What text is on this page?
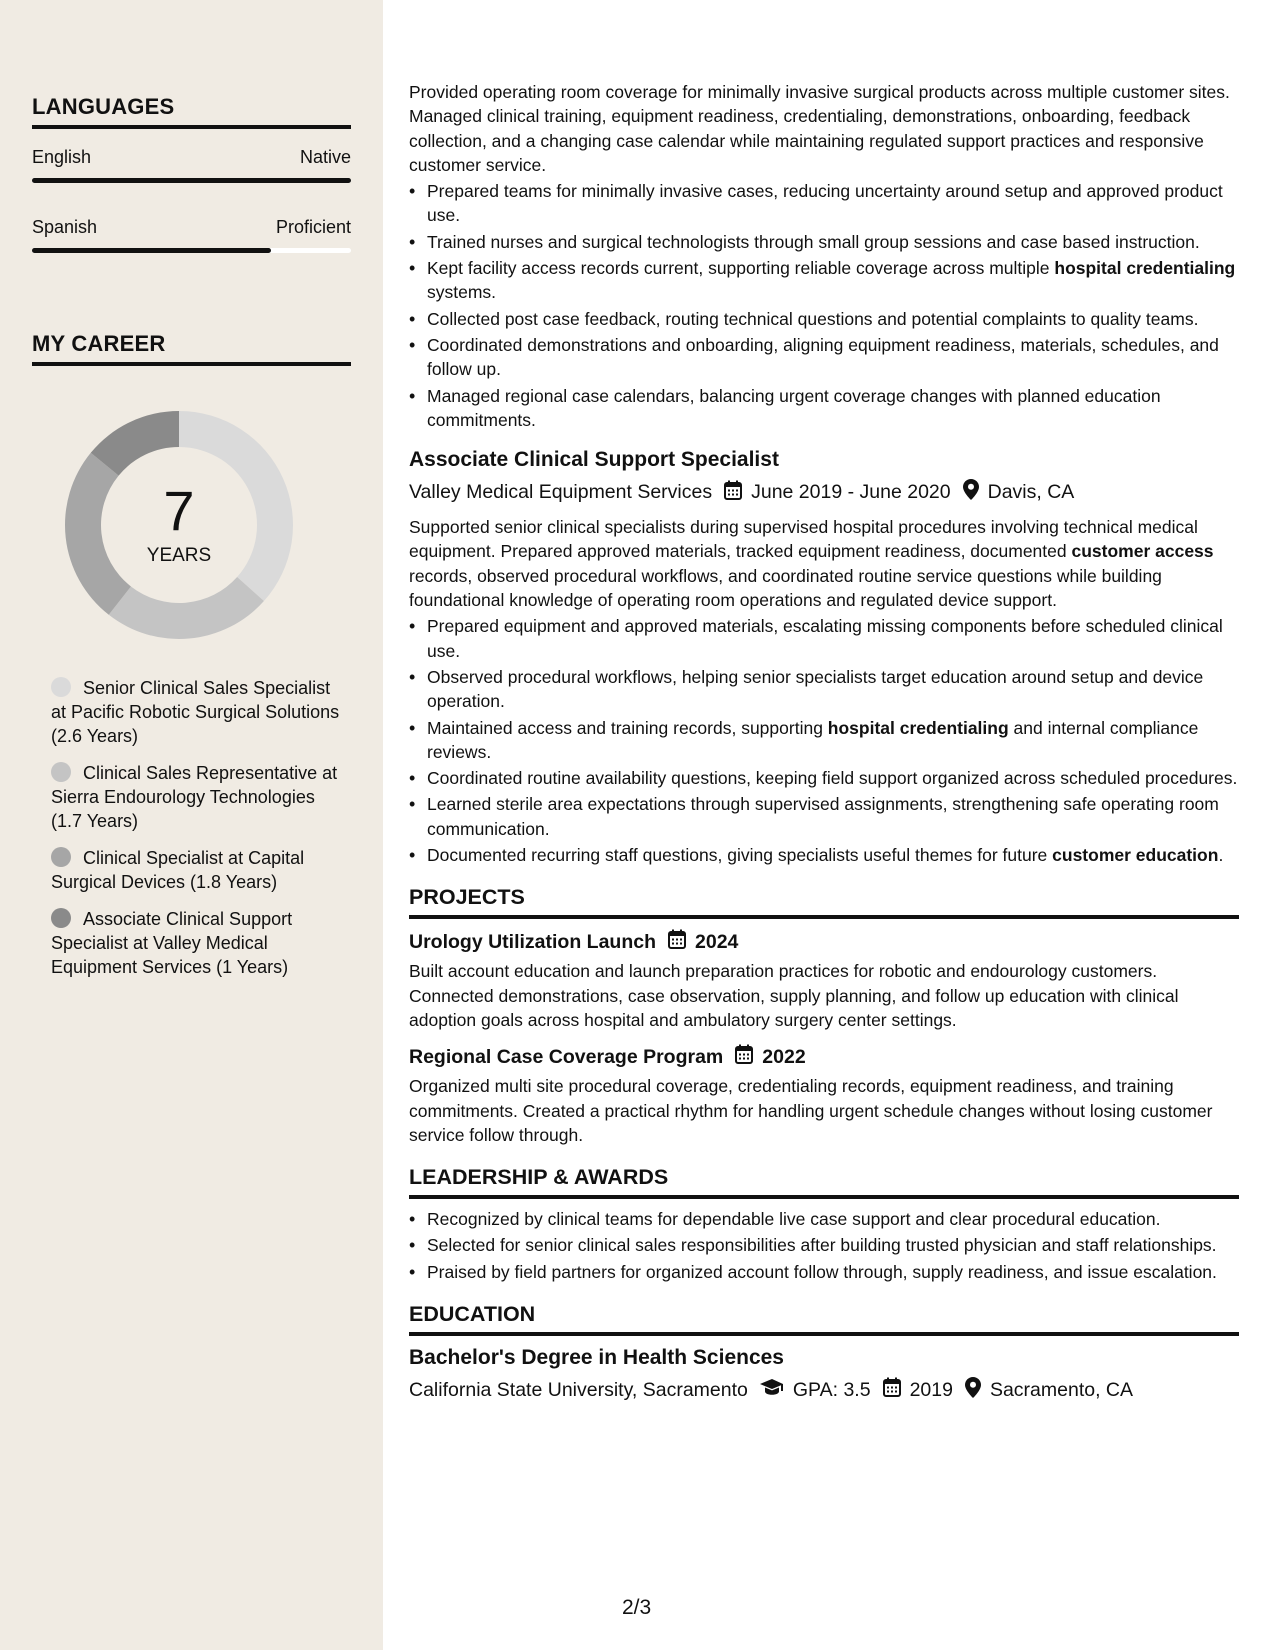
LANGUAGES
English	Native
Spanish	Proficient
MY CAREER
7
YEARS
Senior Clinical Sales Specialist at Pacific Robotic Surgical Solutions (2.6 Years)
Clinical Sales Representative at Sierra Endourology Technologies (1.7 Years)
Clinical Specialist at Capital Surgical Devices (1.8 Years)
Associate Clinical Support Specialist at Valley Medical Equipment Services (1 Years)

Provided operating room coverage for minimally invasive surgical products across multiple customer sites. Managed clinical training, equipment readiness, credentialing, demonstrations, onboarding, feedback collection, and a changing case calendar while maintaining regulated support practices and responsive customer service.

• Prepared teams for minimally invasive cases, reducing uncertainty around setup and approved product use.
• Trained nurses and surgical technologists through small group sessions and case based instruction.
• Kept facility access records current, supporting reliable coverage across multiple hospital credentialing systems.
• Collected post case feedback, routing technical questions and potential complaints to quality teams.
• Coordinated demonstrations and onboarding, aligning equipment readiness, materials, schedules, and follow up.
• Managed regional case calendars, balancing urgent coverage changes with planned education commitments.
Associate Clinical Support Specialist
Valley Medical Equipment Services June 2019 - June 2020 Davis, CA

Supported senior clinical specialists during supervised hospital procedures involving technical medical equipment. Prepared approved materials, tracked equipment readiness, documented customer access records, observed procedural workflows, and coordinated routine service questions while building foundational knowledge of operating room operations and regulated device support.

• Prepared equipment and approved materials, escalating missing components before scheduled clinical use.
• Observed procedural workflows, helping senior specialists target education around setup and device operation.
• Maintained access and training records, supporting hospital credentialing and internal compliance reviews.
• Coordinated routine availability questions, keeping field support organized across scheduled procedures.
• Learned sterile area expectations through supervised assignments, strengthening safe operating room communication.
• Documented recurring staff questions, giving specialists useful themes for future customer education.
PROJECTS
Urology Utilization Launch 2024

Built account education and launch preparation practices for robotic and endourology customers. Connected demonstrations, case observation, supply planning, and follow up education with clinical adoption goals across hospital and ambulatory surgery center settings.

Regional Case Coverage Program 2022

Organized multi site procedural coverage, credentialing records, equipment readiness, and training commitments. Created a practical rhythm for handling urgent schedule changes without losing customer service follow through.

LEADERSHIP & AWARDS
• Recognized by clinical teams for dependable live case support and clear procedural education.
• Selected for senior clinical sales responsibilities after building trusted physician and staff relationships.
• Praised by field partners for organized account follow through, supply readiness, and issue escalation.
EDUCATION
Bachelor's Degree in Health Sciences
California State University, Sacramento GPA: 3.5 2019 Sacramento, CA
2/3
